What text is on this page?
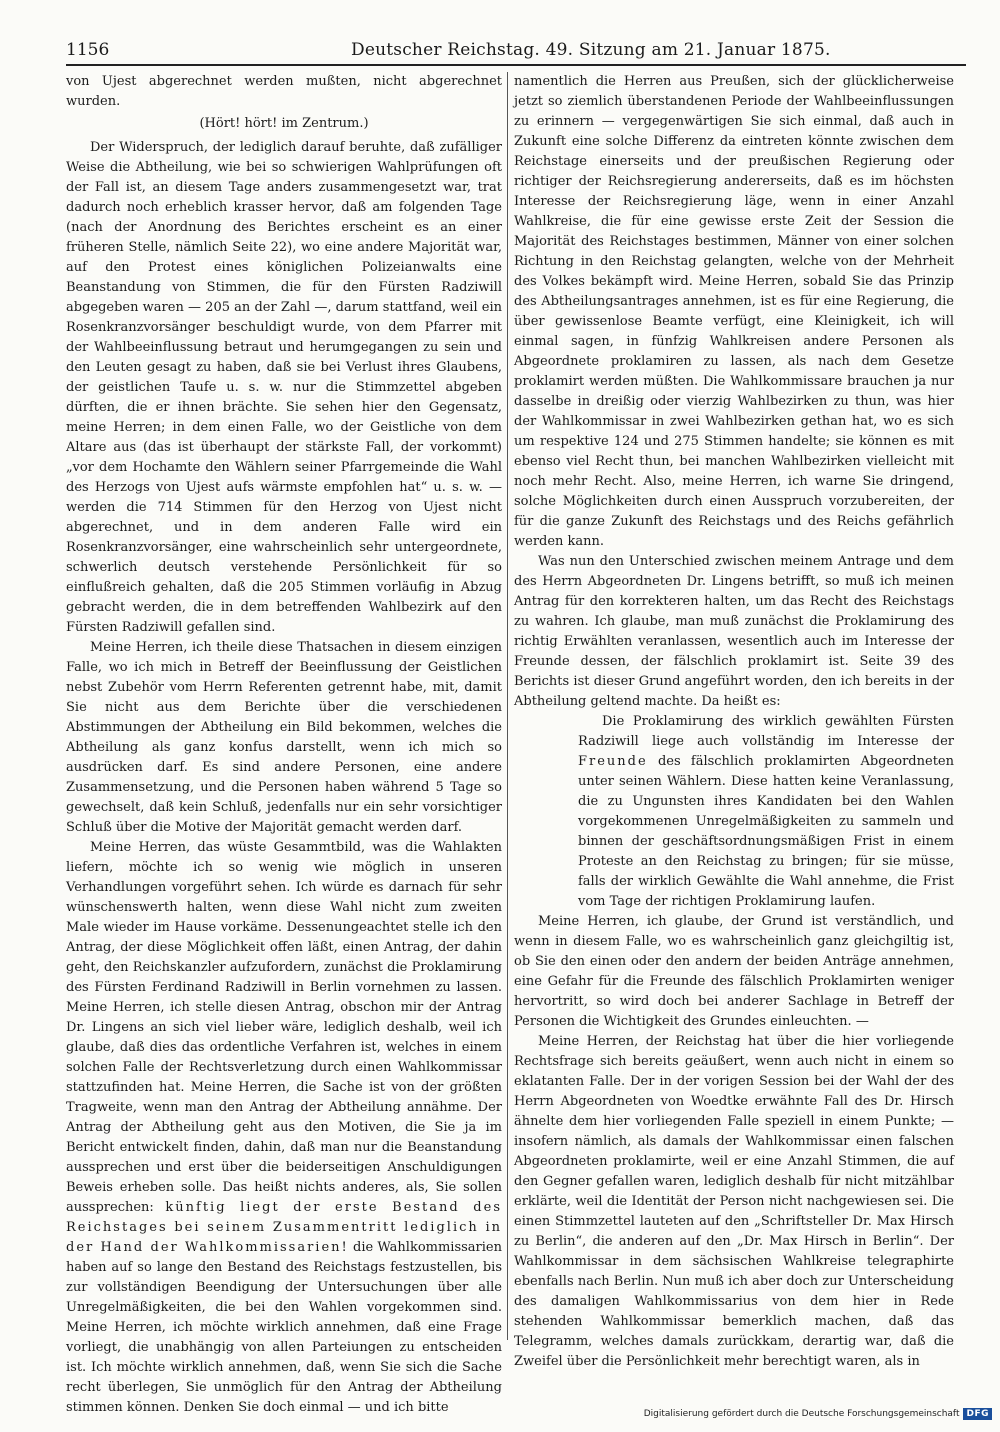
1156	Deutscher Reichstag. 49. Sitzung am 21. Januar 1875.

von Ujest abgerechnet werden mußten, nicht abgerechnet wurden.

(Hört! hört! im Zentrum.)

Der Widerspruch, der lediglich darauf beruhte, daß zufälliger Weise die Abtheilung, wie bei so schwierigen Wahlprüfungen oft der Fall ist, an diesem Tage anders zusammengesetzt war, trat dadurch noch erheblich krasser hervor, daß am folgenden Tage (nach der Anordnung des Berichtes erscheint es an einer früheren Stelle, nämlich Seite 22), wo eine andere Majorität war, auf den Protest eines königlichen Polizeianwalts eine Beanstandung von Stimmen, die für den Fürsten Radziwill abgegeben waren — 205 an der Zahl —, darum stattfand, weil ein Rosenkranzvorsänger beschuldigt wurde, von dem Pfarrer mit der Wahlbeeinflussung betraut und herumgegangen zu sein und den Leuten gesagt zu haben, daß sie bei Verlust ihres Glaubens, der geistlichen Taufe u. s. w. nur die Stimmzettel abgeben dürften, die er ihnen brächte. Sie sehen hier den Gegensatz, meine Herren; in dem einen Falle, wo der Geistliche von dem Altare aus (das ist überhaupt der stärkste Fall, der vorkommt) „vor dem Hochamte den Wählern seiner Pfarrgemeinde die Wahl des Herzogs von Ujest aufs wärmste empfohlen hat“ u. s. w. — werden die 714 Stimmen für den Herzog von Ujest nicht abgerechnet, und in dem anderen Falle wird ein Rosenkranzvorsänger, eine wahrscheinlich sehr untergeordnete, schwerlich deutsch verstehende Persönlichkeit für so einflußreich gehalten, daß die 205 Stimmen vorläufig in Abzug gebracht werden, die in dem betreffenden Wahlbezirk auf den Fürsten Radziwill gefallen sind.

Meine Herren, ich theile diese Thatsachen in diesem einzigen Falle, wo ich mich in Betreff der Beeinflussung der Geistlichen nebst Zubehör vom Herrn Referenten getrennt habe, mit, damit Sie nicht aus dem Berichte über die verschiedenen Abstimmungen der Abtheilung ein Bild bekommen, welches die Abtheilung als ganz konfus darstellt, wenn ich mich so ausdrücken darf. Es sind andere Personen, eine andere Zusammensetzung, und die Personen haben während 5 Tage so gewechselt, daß kein Schluß, jedenfalls nur ein sehr vorsichtiger Schluß über die Motive der Majorität gemacht werden darf.

Meine Herren, das wüste Gesammtbild, was die Wahlakten liefern, möchte ich so wenig wie möglich in unseren Verhandlungen vorgeführt sehen. Ich würde es darnach für sehr wünschenswerth halten, wenn diese Wahl nicht zum zweiten Male wieder im Hause vorkäme. Dessenungeachtet stelle ich den Antrag, der diese Möglichkeit offen läßt, einen Antrag, der dahin geht, den Reichskanzler aufzufordern, zunächst die Proklamirung des Fürsten Ferdinand Radziwill in Berlin vornehmen zu lassen. Meine Herren, ich stelle diesen Antrag, obschon mir der Antrag Dr. Lingens an sich viel lieber wäre, lediglich deshalb, weil ich glaube, daß dies das ordentliche Verfahren ist, welches in einem solchen Falle der Rechtsverletzung durch einen Wahlkommissar stattzufinden hat. Meine Herren, die Sache ist von der größten Tragweite, wenn man den Antrag der Abtheilung annähme. Der Antrag der Abtheilung geht aus den Motiven, die Sie ja im Bericht entwickelt finden, dahin, daß man nur die Beanstandung aussprechen und erst über die beiderseitigen Anschuldigungen Beweis erheben solle. Das heißt nichts anderes, als, Sie sollen aussprechen: künftig liegt der erste Bestand des Reichstages bei seinem Zusammentritt lediglich in der Hand der Wahlkommissarien! die Wahlkommissarien haben auf so lange den Bestand des Reichstags festzustellen, bis zur vollständigen Beendigung der Untersuchungen über alle Unregelmäßigkeiten, die bei den Wahlen vorgekommen sind. Meine Herren, ich möchte wirklich annehmen, daß eine Frage vorliegt, die unabhängig von allen Parteiungen zu entscheiden ist. Ich möchte wirklich annehmen, daß, wenn Sie sich die Sache recht überlegen, Sie unmöglich für den Antrag der Abtheilung stimmen können. Denken Sie doch einmal — und ich bitte

namentlich die Herren aus Preußen, sich der glücklicherweise jetzt so ziemlich überstandenen Periode der Wahlbeeinflussungen zu erinnern — vergegenwärtigen Sie sich einmal, daß auch in Zukunft eine solche Differenz da eintreten könnte zwischen dem Reichstage einerseits und der preußischen Regierung oder richtiger der Reichsregierung andererseits, daß es im höchsten Interesse der Reichsregierung läge, wenn in einer Anzahl Wahlkreise, die für eine gewisse erste Zeit der Session die Majorität des Reichstages bestimmen, Männer von einer solchen Richtung in den Reichstag gelangten, welche von der Mehrheit des Volkes bekämpft wird. Meine Herren, sobald Sie das Prinzip des Abtheilungsantrages annehmen, ist es für eine Regierung, die über gewissenlose Beamte verfügt, eine Kleinigkeit, ich will einmal sagen, in fünfzig Wahlkreisen andere Personen als Abgeordnete proklamiren zu lassen, als nach dem Gesetze proklamirt werden müßten. Die Wahlkommissare brauchen ja nur dasselbe in dreißig oder vierzig Wahlbezirken zu thun, was hier der Wahlkommissar in zwei Wahlbezirken gethan hat, wo es sich um respektive 124 und 275 Stimmen handelte; sie können es mit ebenso viel Recht thun, bei manchen Wahlbezirken vielleicht mit noch mehr Recht. Also, meine Herren, ich warne Sie dringend, solche Möglichkeiten durch einen Ausspruch vorzubereiten, der für die ganze Zukunft des Reichstags und des Reichs gefährlich werden kann.

Was nun den Unterschied zwischen meinem Antrage und dem des Herrn Abgeordneten Dr. Lingens betrifft, so muß ich meinen Antrag für den korrekteren halten, um das Recht des Reichstags zu wahren. Ich glaube, man muß zunächst die Proklamirung des richtig Erwählten veranlassen, wesentlich auch im Interesse der Freunde dessen, der fälschlich proklamirt ist. Seite 39 des Berichts ist dieser Grund angeführt worden, den ich bereits in der Abtheilung geltend machte. Da heißt es:

Die Proklamirung des wirklich gewählten Fürsten Radziwill liege auch vollständig im Interesse der Freunde des fälschlich proklamirten Abgeordneten unter seinen Wählern. Diese hatten keine Veranlassung, die zu Ungunsten ihres Kandidaten bei den Wahlen vorgekommenen Unregelmäßigkeiten zu sammeln und binnen der geschäftsordnungsmäßigen Frist in einem Proteste an den Reichstag zu bringen; für sie müsse, falls der wirklich Gewählte die Wahl annehme, die Frist vom Tage der richtigen Proklamirung laufen.

Meine Herren, ich glaube, der Grund ist verständlich, und wenn in diesem Falle, wo es wahrscheinlich ganz gleichgiltig ist, ob Sie den einen oder den andern der beiden Anträge annehmen, eine Gefahr für die Freunde des fälschlich Proklamirten weniger hervortritt, so wird doch bei anderer Sachlage in Betreff der Personen die Wichtigkeit des Grundes einleuchten. —

Meine Herren, der Reichstag hat über die hier vorliegende Rechtsfrage sich bereits geäußert, wenn auch nicht in einem so eklatanten Falle. Der in der vorigen Session bei der Wahl der des Herrn Abgeordneten von Woedtke erwähnte Fall des Dr. Hirsch ähnelte dem hier vorliegenden Falle speziell in einem Punkte; — insofern nämlich, als damals der Wahlkommissar einen falschen Abgeordneten proklamirte, weil er eine Anzahl Stimmen, die auf den Gegner gefallen waren, lediglich deshalb für nicht mitzählbar erklärte, weil die Identität der Person nicht nachgewiesen sei. Die einen Stimmzettel lauteten auf den „Schriftsteller Dr. Max Hirsch zu Berlin“, die anderen auf den „Dr. Max Hirsch in Berlin“. Der Wahlkommissar in dem sächsischen Wahlkreise telegraphirte ebenfalls nach Berlin. Nun muß ich aber doch zur Unterscheidung des damaligen Wahlkommissarius von dem hier in Rede stehenden Wahlkommissar bemerklich machen, daß das Telegramm, welches damals zurückkam, derartig war, daß die Zweifel über die Persönlichkeit mehr berechtigt waren, als in

Digitalisierung gefördert durch die Deutsche Forschungsgemeinschaft DFG
